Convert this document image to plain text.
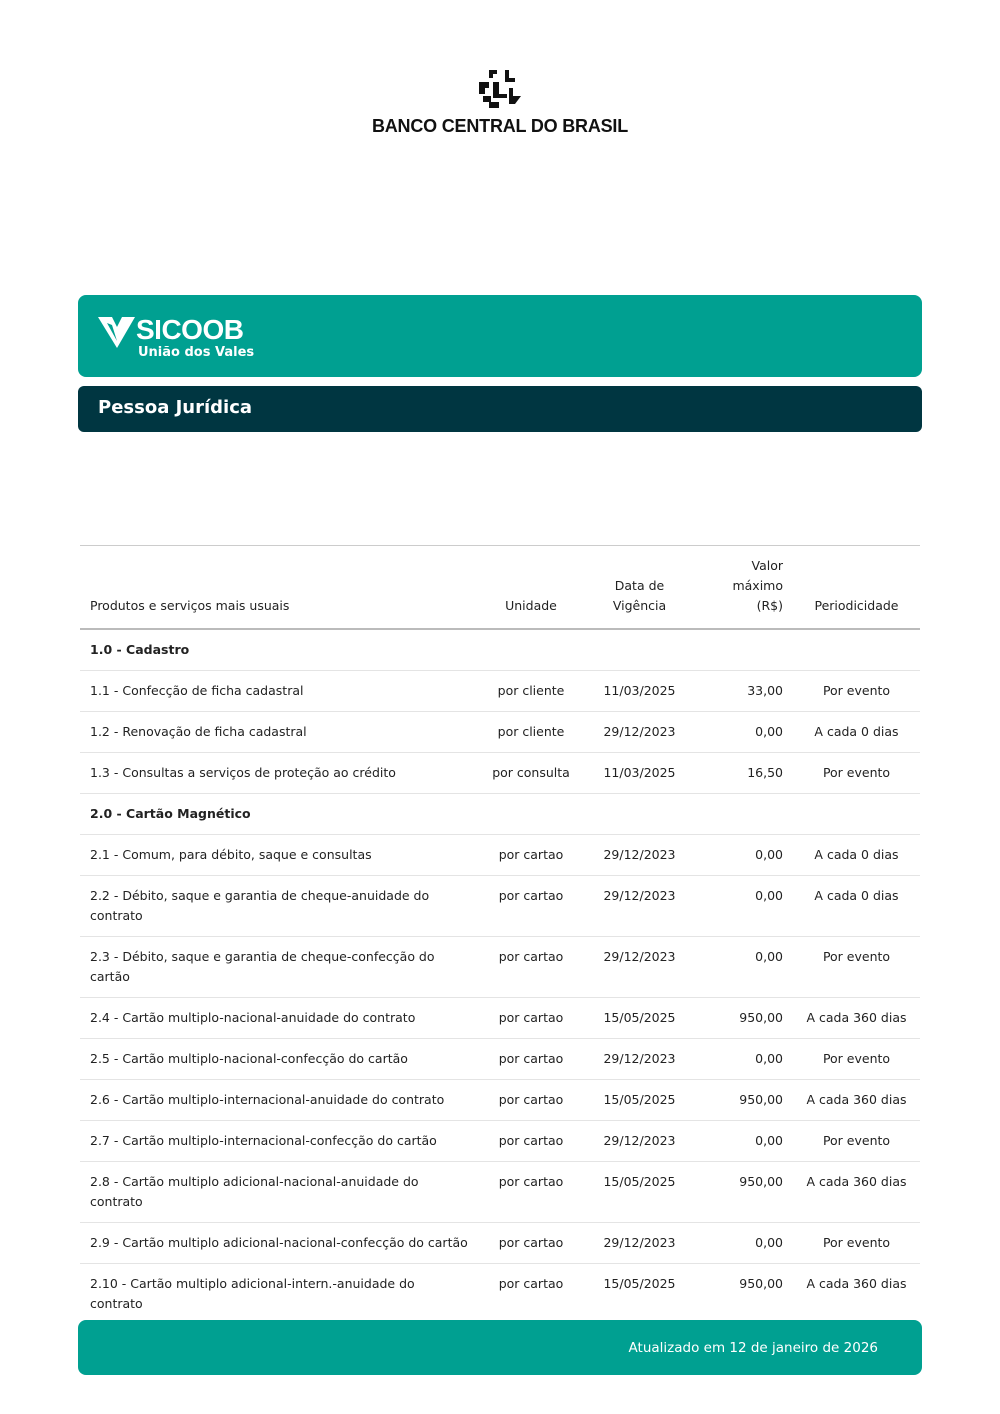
BANCO CENTRAL DO BRASIL
SICOOB
União dos Vales
Pessoa Jurídica
Produtos e serviços mais usuais	Unidade	Data de Vigência	Valor máximo (R$)	Periodicidade
1.0 - Cadastro				
1.1 - Confecção de ficha cadastral	por cliente	11/03/2025	33,00	Por evento
1.2 - Renovação de ficha cadastral	por cliente	29/12/2023	0,00	A cada 0 dias
1.3 - Consultas a serviços de proteção ao crédito	por consulta	11/03/2025	16,50	Por evento
2.0 - Cartão Magnético				
2.1 - Comum, para débito, saque e consultas	por cartao	29/12/2023	0,00	A cada 0 dias
2.2 - Débito, saque e garantia de cheque-anuidade do contrato	por cartao	29/12/2023	0,00	A cada 0 dias
2.3 - Débito, saque e garantia de cheque-confecção do cartão	por cartao	29/12/2023	0,00	Por evento
2.4 - Cartão multiplo-nacional-anuidade do contrato	por cartao	15/05/2025	950,00	A cada 360 dias
2.5 - Cartão multiplo-nacional-confecção do cartão	por cartao	29/12/2023	0,00	Por evento
2.6 - Cartão multiplo-internacional-anuidade do contrato	por cartao	15/05/2025	950,00	A cada 360 dias
2.7 - Cartão multiplo-internacional-confecção do cartão	por cartao	29/12/2023	0,00	Por evento
2.8 - Cartão multiplo adicional-nacional-anuidade do contrato	por cartao	15/05/2025	950,00	A cada 360 dias
2.9 - Cartão multiplo adicional-nacional-confecção do cartão	por cartao	29/12/2023	0,00	Por evento
2.10 - Cartão multiplo adicional-intern.-anuidade do contrato	por cartao	15/05/2025	950,00	A cada 360 dias
Atualizado em 12 de janeiro de 2026
